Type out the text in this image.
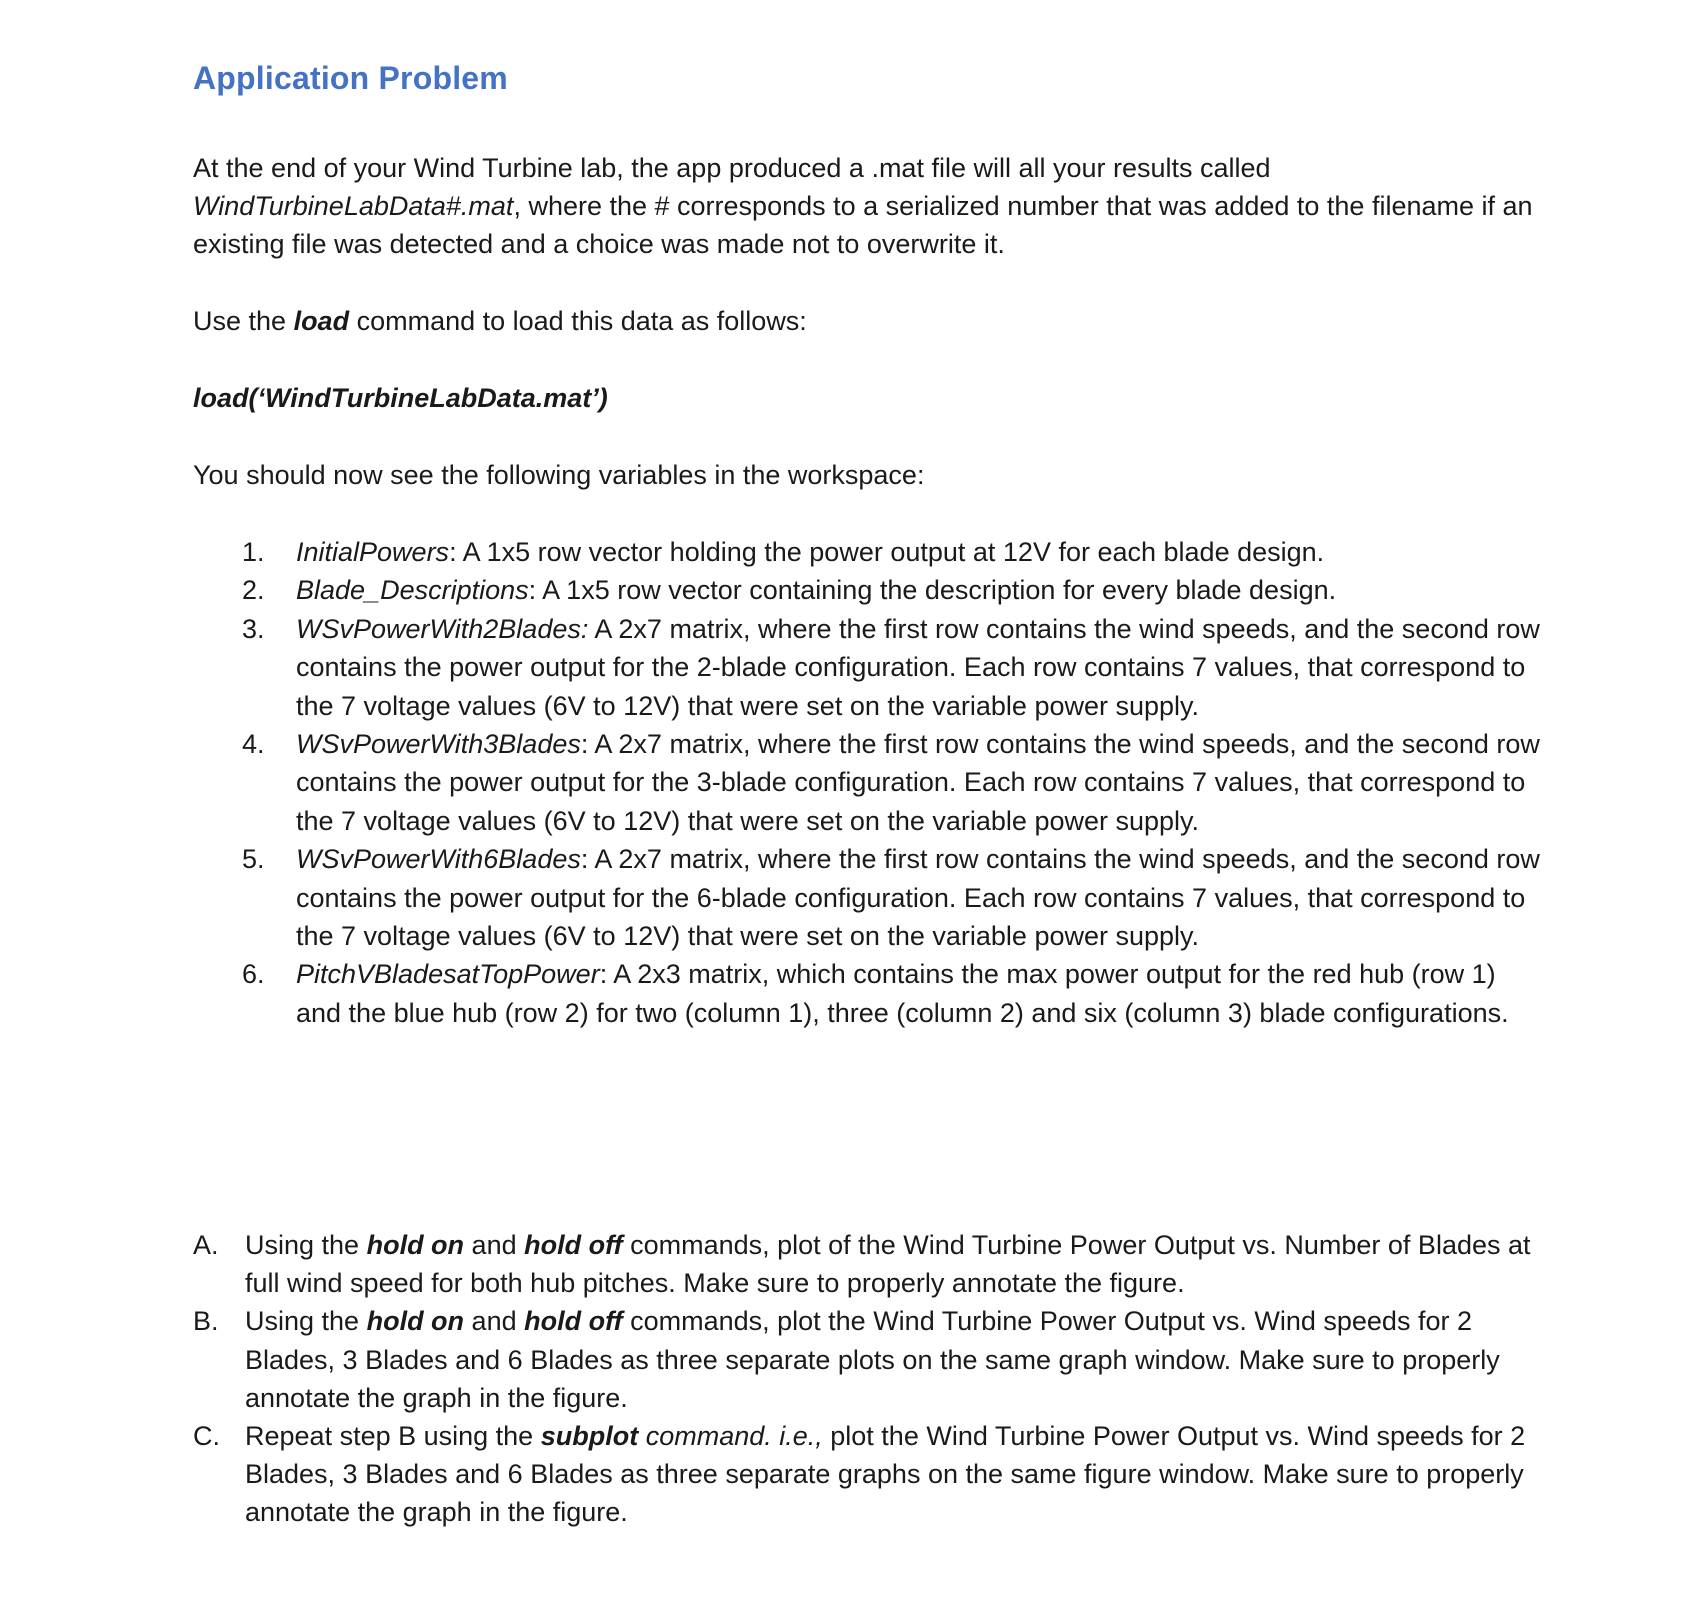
Application Problem
At the end of your Wind Turbine lab, the app produced a .mat file will all your results called
WindTurbineLabData#.mat, where the # corresponds to a serialized number that was added to the filename if an existing file was detected and a choice was made not to overwrite it.
Use the load command to load this data as follows:
load(‘WindTurbineLabData.mat’)
You should now see the following variables in the workspace:
1. InitialPowers: A 1x5 row vector holding the power output at 12V for each blade design.
2. Blade_Descriptions: A 1x5 row vector containing the description for every blade design.
3. WSvPowerWith2Blades: A 2x7 matrix, where the first row contains the wind speeds, and the second row contains the power output for the 2-blade configuration. Each row contains 7 values, that correspond to the 7 voltage values (6V to 12V) that were set on the variable power supply.
4. WSvPowerWith3Blades: A 2x7 matrix, where the first row contains the wind speeds, and the second row contains the power output for the 3-blade configuration. Each row contains 7 values, that correspond to the 7 voltage values (6V to 12V) that were set on the variable power supply.
5. WSvPowerWith6Blades: A 2x7 matrix, where the first row contains the wind speeds, and the second row contains the power output for the 6-blade configuration. Each row contains 7 values, that correspond to the 7 voltage values (6V to 12V) that were set on the variable power supply.
6. PitchVBladesatTopPower: A 2x3 matrix, which contains the max power output for the red hub (row 1) and the blue hub (row 2) for two (column 1), three (column 2) and six (column 3) blade configurations.
A. Using the hold on and hold off commands, plot of the Wind Turbine Power Output vs. Number of Blades at full wind speed for both hub pitches. Make sure to properly annotate the figure.
B. Using the hold on and hold off commands, plot the Wind Turbine Power Output vs. Wind speeds for 2 Blades, 3 Blades and 6 Blades as three separate plots on the same graph window. Make sure to properly annotate the graph in the figure.
C. Repeat step B using the subplot command. i.e., plot the Wind Turbine Power Output vs. Wind speeds for 2 Blades, 3 Blades and 6 Blades as three separate graphs on the same figure window. Make sure to properly annotate the graph in the figure.
